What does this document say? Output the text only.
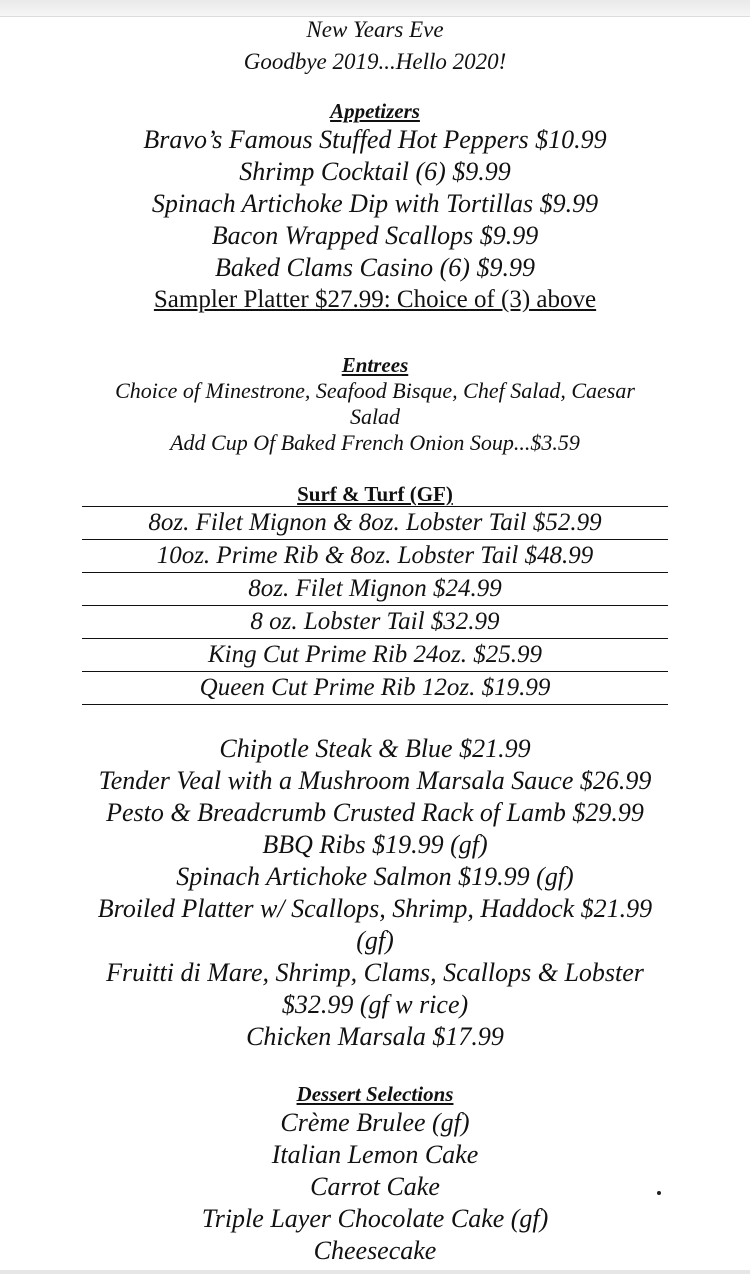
New Years Eve
Goodbye 2019...Hello 2020!
Appetizers
Bravo’s Famous Stuffed Hot Peppers $10.99
Shrimp Cocktail (6) $9.99
Spinach Artichoke Dip with Tortillas $9.99
Bacon Wrapped Scallops $9.99
Baked Clams Casino (6) $9.99
Sampler Platter $27.99: Choice of (3) above
Entrees
Choice of Minestrone, Seafood Bisque, Chef Salad, Caesar
Salad
Add Cup Of Baked French Onion Soup...$3.59
Surf & Turf (GF)
8oz. Filet Mignon & 8oz. Lobster Tail $52.99
10oz. Prime Rib & 8oz. Lobster Tail $48.99
8oz. Filet Mignon $24.99
8 oz. Lobster Tail $32.99
King Cut Prime Rib 24oz. $25.99
Queen Cut Prime Rib 12oz. $19.99
Chipotle Steak & Blue $21.99
Tender Veal with a Mushroom Marsala Sauce $26.99
Pesto & Breadcrumb Crusted Rack of Lamb $29.99
BBQ Ribs $19.99 (gf)
Spinach Artichoke Salmon $19.99 (gf)
Broiled Platter w/ Scallops, Shrimp, Haddock $21.99
(gf)
Fruitti di Mare, Shrimp, Clams, Scallops & Lobster
$32.99 (gf w rice)
Chicken Marsala $17.99
Dessert Selections
Crème Brulee (gf)
Italian Lemon Cake
Carrot Cake
Triple Layer Chocolate Cake (gf)
Cheesecake
